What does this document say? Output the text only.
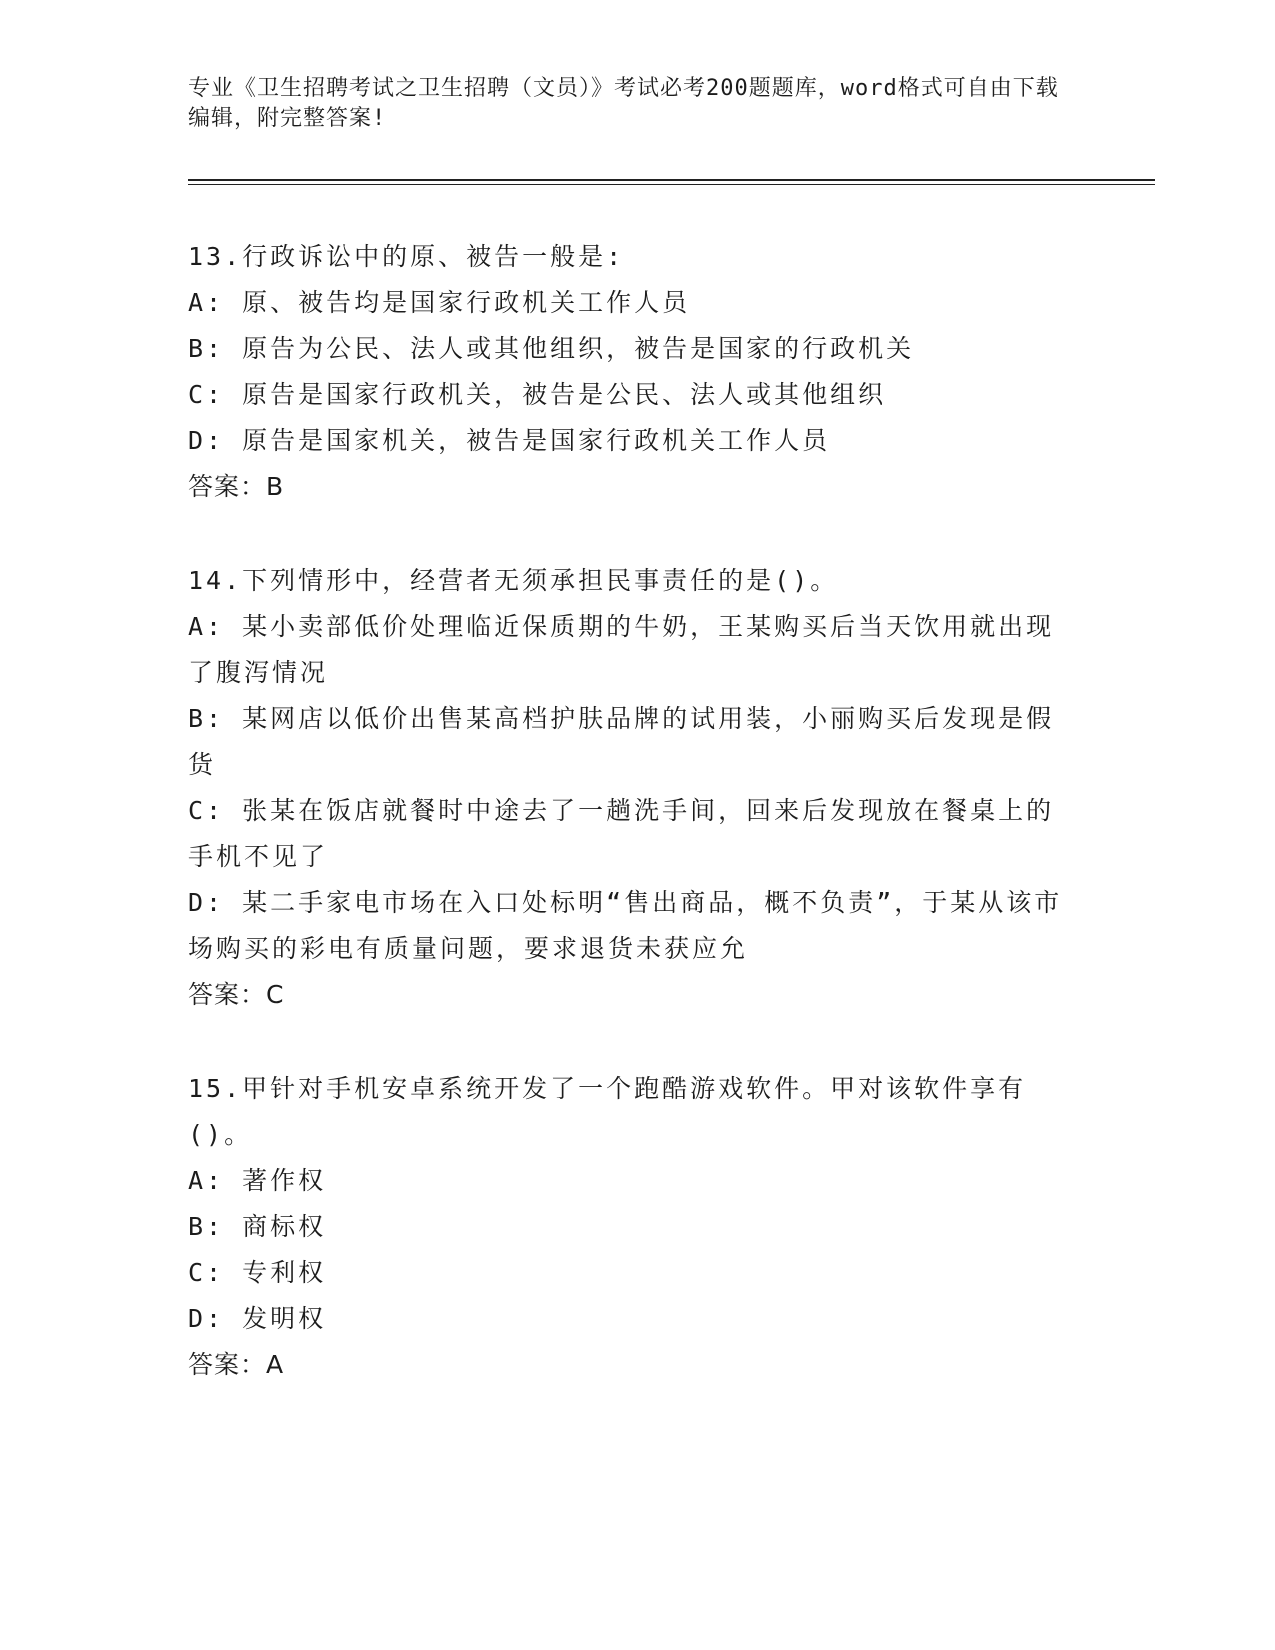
专业《卫生招聘考试之卫生招聘（文员）》考试必考200题题库，word格式可自由下载编辑，附完整答案!
13.行政诉讼中的原、被告一般是:
A: 原、被告均是国家行政机关工作人员
B: 原告为公民、法人或其他组织，被告是国家的行政机关
C: 原告是国家行政机关，被告是公民、法人或其他组织
D: 原告是国家机关，被告是国家行政机关工作人员
答案：B
14.下列情形中，经营者无须承担民事责任的是()。
A: 某小卖部低价处理临近保质期的牛奶，王某购买后当天饮用就出现了腹泻情况
B: 某网店以低价出售某高档护肤品牌的试用装，小丽购买后发现是假货
C: 张某在饭店就餐时中途去了一趟洗手间，回来后发现放在餐桌上的手机不见了
D: 某二手家电市场在入口处标明“售出商品，概不负责”，于某从该市场购买的彩电有质量问题，要求退货未获应允
答案：C
15.甲针对手机安卓系统开发了一个跑酷游戏软件。甲对该软件享有()。
A: 著作权
B: 商标权
C: 专利权
D: 发明权
答案：A
